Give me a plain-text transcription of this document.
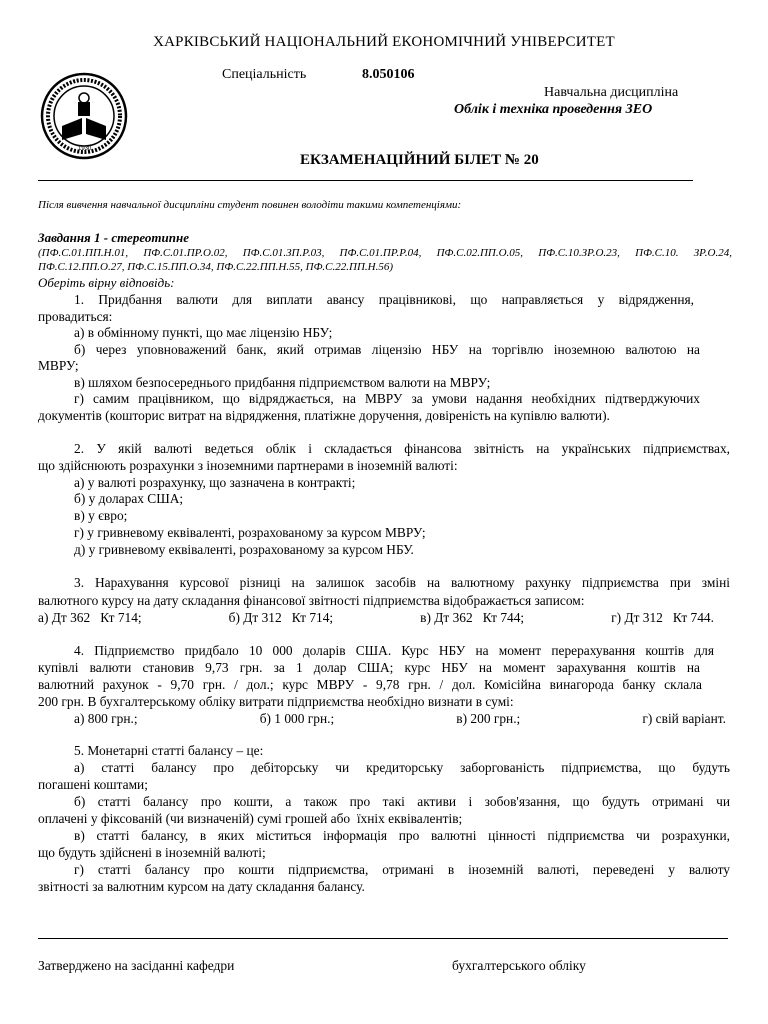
ХАРКІВСЬКИЙ НАЦІОНАЛЬНИЙ ЕКОНОМІЧНИЙ УНІВЕРСИТЕТ
1930
Спеціальність	8.050106
Навчальна дисципліна
Облік і техніка проведення ЗЕО
ЕКЗАМЕНАЦІЙНИЙ БІЛЕТ № 20
Після вивчення навчальної дисципліни студент повинен володіти такими компетенціями:
Завдання 1 - стереотипне
(ПФ.С.01.ПП.Н.01, ПФ.С.01.ПР.О.02, ПФ.С.01.ЗП.Р.03, ПФ.С.01.ПР.Р.04, ПФ.С.02.ПП.О.05, ПФ.С.10.ЗР.О.23, ПФ.С.10. ЗР.О.24, ПФ.С.12.ПП.О.27, ПФ.С.15.ПП.О.34, ПФ.С.22.ПП.Н.55, ПФ.С.22.ПП.Н.56)
Оберіть вірну відповідь:
1. Придбання валюти для виплати авансу працівникові, що направляється у відрядження,
провадиться:
а) в обмінному пункті, що має ліцензію НБУ;
б) через уповноважений банк, який отримав ліцензію НБУ на торгівлю іноземною валютою на
МВРУ;
в) шляхом безпосереднього придбання підприємством валюти на МВРУ;
г) самим працівником, що відряджається, на МВРУ за умови надання необхідних підтверджуючих
документів (кошторис витрат на відрядження, платіжне доручення, довіреність на купівлю валюти).
2. У якій валюті ведеться облік і складається фінансова звітність на українських підприємствах,
що здійснюють розрахунки з іноземними партнерами в іноземній валюті:
а) у валюті розрахунку, що зазначена в контракті;
б) у доларах США;
в) у євро;
г) у гривневому еквіваленті, розрахованому за курсом МВРУ;
д) у гривневому еквіваленті, розрахованому за курсом НБУ.
3. Нарахування курсової різниці на залишок засобів на валютному рахунку підприємства при зміні
валютного курсу на дату складання фінансової звітності підприємства відображається записом:
а) Дт 362   Кт 714;	б) Дт 312   Кт 714;	в) Дт 362   Кт 744;	г) Дт 312   Кт 744.
4. Підприємство придбало 10 000 доларів США. Курс НБУ на момент перерахування коштів для
купівлі валюти становив 9,73 грн. за 1 долар США; курс НБУ на момент зарахування коштів на
валютний рахунок - 9,70 грн. / дол.; курс МВРУ - 9,78 грн. / дол. Комісійна винагорода банку склала
200 грн. В бухгалтерському обліку витрати підприємства необхідно визнати в сумі:
а) 800 грн.;	б) 1 000 грн.;	в) 200 грн.;	г) свій варіант.
5. Монетарні статті балансу – це:
а) статті балансу про дебіторську чи кредиторську заборгованість підприємства, що будуть
погашені коштами;
б) статті балансу про кошти, а також про такі активи і зобов'язання, що будуть отримані чи
оплачені у фіксованій (чи визначеній) сумі грошей або  їхніх еквівалентів;
в) статті балансу, в яких міститься інформація про валютні цінності підприємства чи розрахунки,
що будуть здійснені в іноземній валюті;
г) статті балансу про кошти підприємства, отримані в іноземній валюті, переведені у валюту
звітності за валютним курсом на дату складання балансу.
Затверджено на засіданні кафедри	бухгалтерського обліку
